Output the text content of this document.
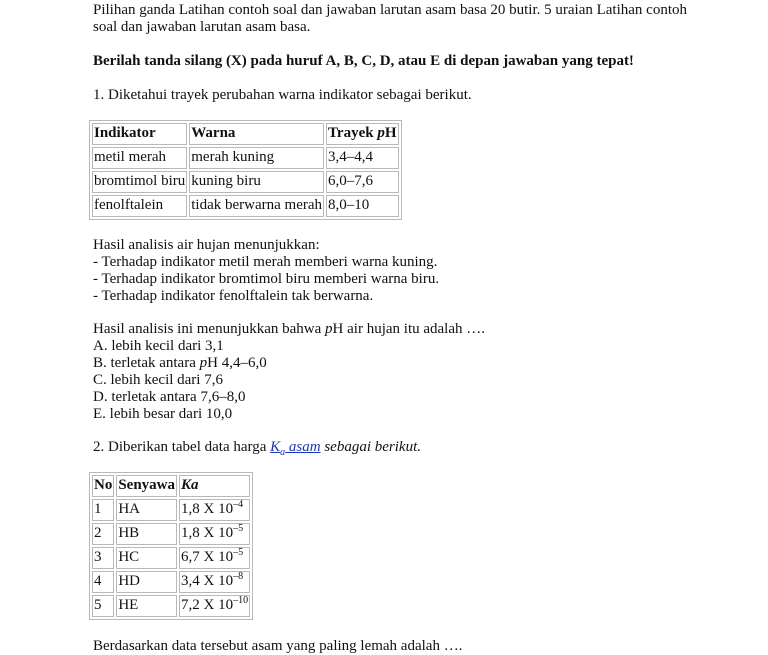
Pilihan ganda Latihan contoh soal dan jawaban larutan asam basa 20 butir. 5 uraian Latihan contoh soal dan jawaban larutan asam basa.

Berilah tanda silang (X) pada huruf A, B, C, D, atau E di depan jawaban yang tepat!

1. Diketahui trayek perubahan warna indikator sebagai berikut.

Indikator	Warna	Trayek pH
metil merah	merah kuning	3,4–4,4
bromtimol biru	kuning biru	6,0–7,6
fenolftalein	tidak berwarna merah	8,0–10

Hasil analisis air hujan menunjukkan:

- Terhadap indikator metil merah memberi warna kuning.

- Terhadap indikator bromtimol biru memberi warna biru.

- Terhadap indikator fenolftalein tak berwarna.

Hasil analisis ini menunjukkan bahwa pH air hujan itu adalah ….

A. lebih kecil dari 3,1

B. terletak antara pH 4,4–6,0

C. lebih kecil dari 7,6

D. terletak antara 7,6–8,0

E. lebih besar dari 10,0

2. Diberikan tabel data harga $K_a$ asam sebagai berikut.

No	Senyawa	Ka
1	HA	1,8 X $10^{-4}$
2	HB	1,8 X $10^{-5}$
3	HC	6,7 X $10^{-5}$
4	HD	3,4 X $10^{-8}$
5	HE	7,2 X $10^{-10}$

Berdasarkan data tersebut asam yang paling lemah adalah ….
